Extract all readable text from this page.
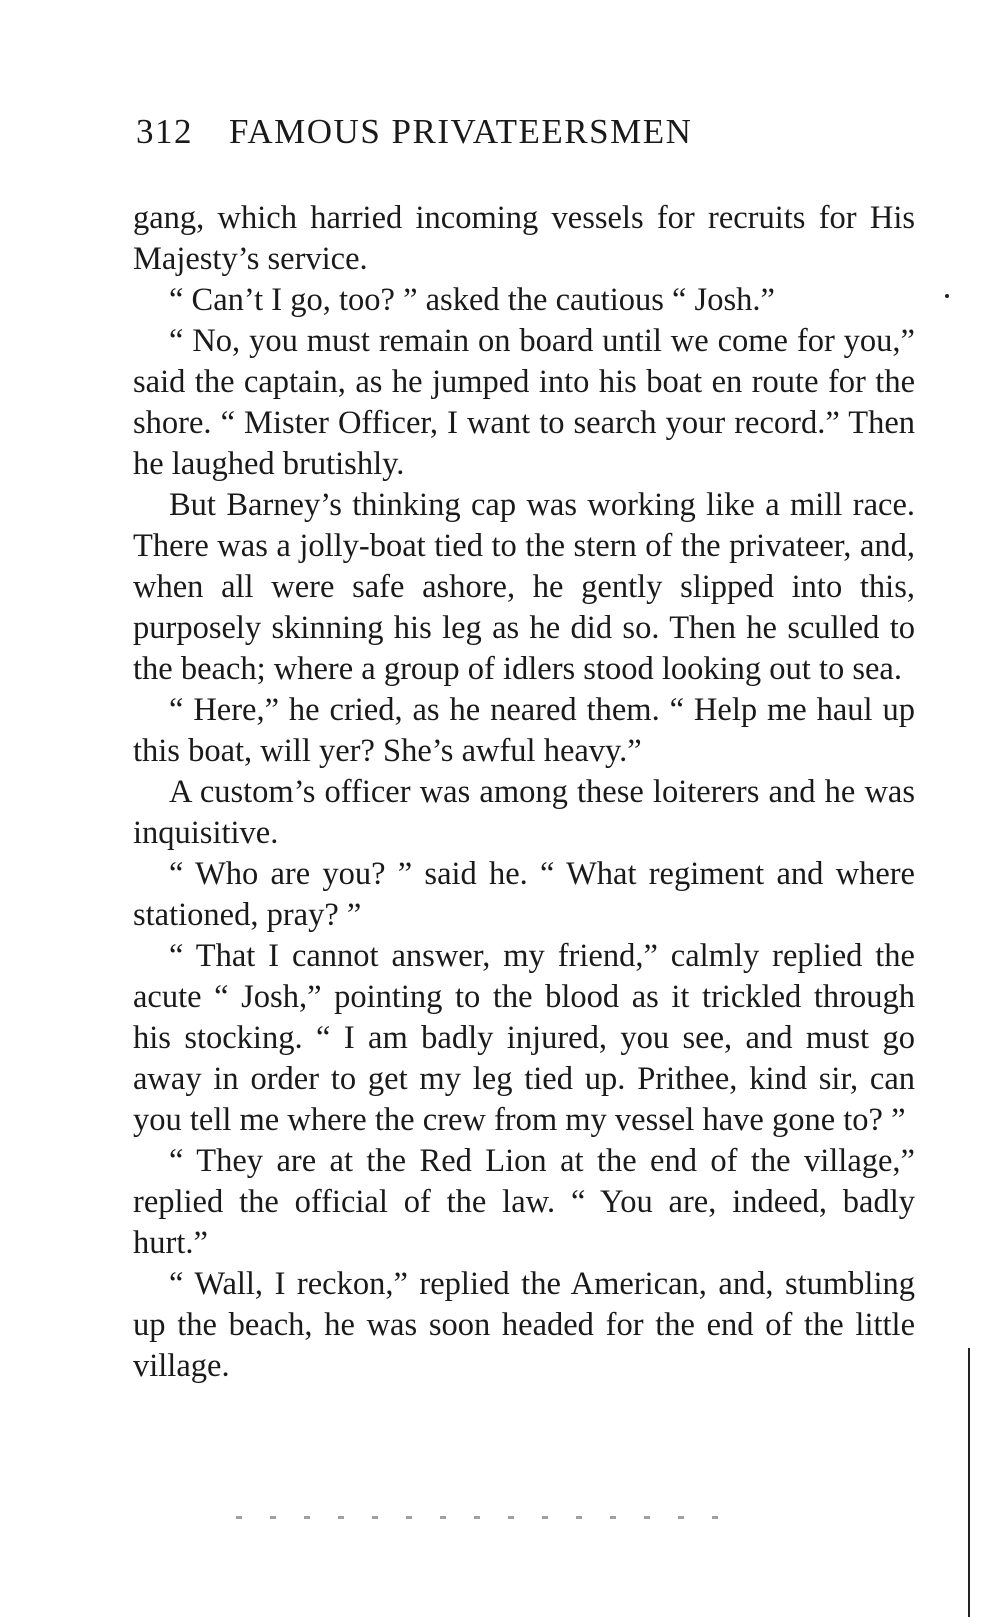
312 FAMOUS PRIVATEERSMEN

gang, which harried incoming vessels for recruits for His Majesty’s service.

“ Can’t I go, too? ” asked the cautious “ Josh.”

“ No, you must remain on board until we come for you,” said the captain, as he jumped into his boat en route for the shore. “ Mister Officer, I want to search your record.” Then he laughed brutishly.

But Barney’s thinking cap was working like a mill race. There was a jolly-boat tied to the stern of the privateer, and, when all were safe ashore, he gently slipped into this, purposely skinning his leg as he did so. Then he sculled to the beach; where a group of idlers stood looking out to sea.

“ Here,” he cried, as he neared them. “ Help me haul up this boat, will yer? She’s awful heavy.”

A custom’s officer was among these loiterers and he was inquisitive.

“ Who are you? ” said he. “ What regiment and where stationed, pray? ”

“ That I cannot answer, my friend,” calmly replied the acute “ Josh,” pointing to the blood as it trickled through his stocking. “ I am badly injured, you see, and must go away in order to get my leg tied up. Prithee, kind sir, can you tell me where the crew from my vessel have gone to? ”

“ They are at the Red Lion at the end of the village,” replied the official of the law. “ You are, indeed, badly hurt.”

“ Wall, I reckon,” replied the American, and, stumbling up the beach, he was soon headed for the end of the little village.
